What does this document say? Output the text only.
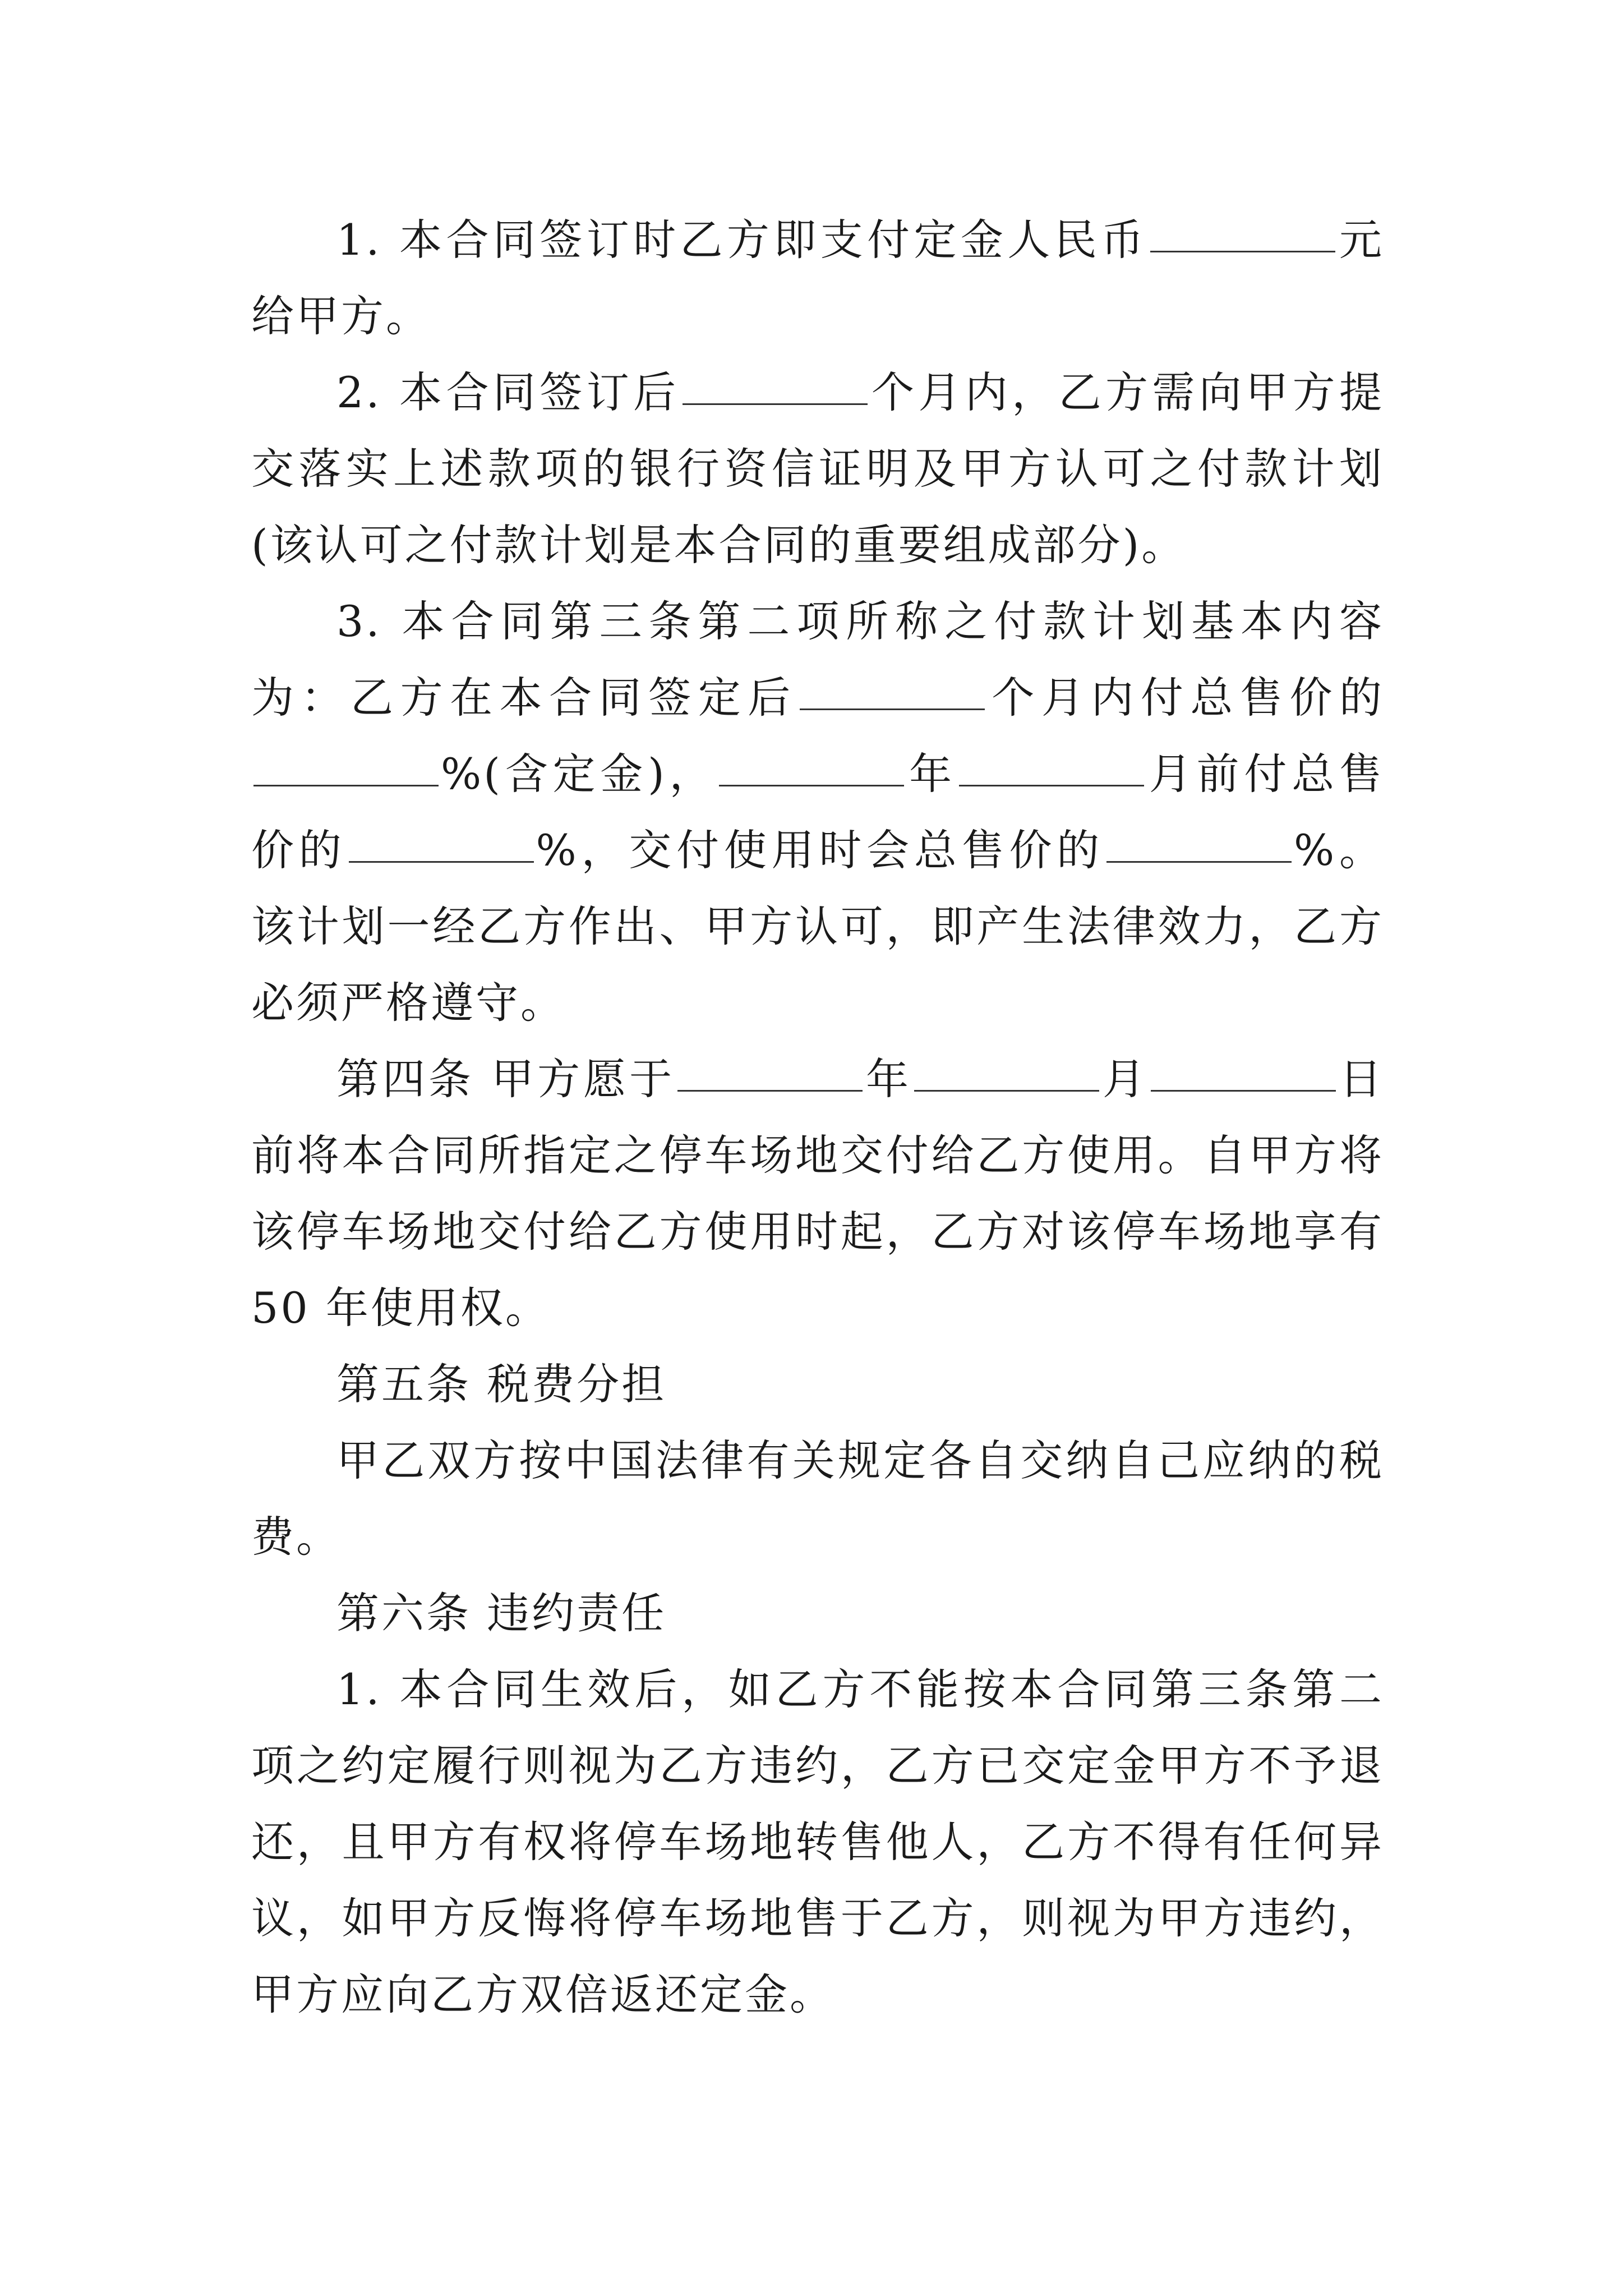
1. 本合同签订时乙方即支付定金人民币	元给甲方。

2. 本合同签订后	个月内，乙方需向甲方提交落实上述款项的银行资信证明及甲方认可之付款计划(该认可之付款计划是本合同的重要组成部分)。

3. 本合同第三条第二项所称之付款计划基本内容为：乙方在本合同签定后	个月内付总售价的%(含定金)，	年	月前付总售价的	%，交付使用时会总售价的	%。该计划一经乙方作出、甲方认可，即产生法律效力，乙方必须严格遵守。

第四条 甲方愿于	年	月	日前将本合同所指定之停车场地交付给乙方使用。自甲方将该停车场地交付给乙方使用时起，乙方对该停车场地享有 50 年使用权。

第五条 税费分担

甲乙双方按中国法律有关规定各自交纳自己应纳的税费。

第六条 违约责任

1. 本合同生效后，如乙方不能按本合同第三条第二项之约定履行则视为乙方违约，乙方已交定金甲方不予退还，且甲方有权将停车场地转售他人，乙方不得有任何异议，如甲方反悔将停车场地售于乙方，则视为甲方违约，甲方应向乙方双倍返还定金。
